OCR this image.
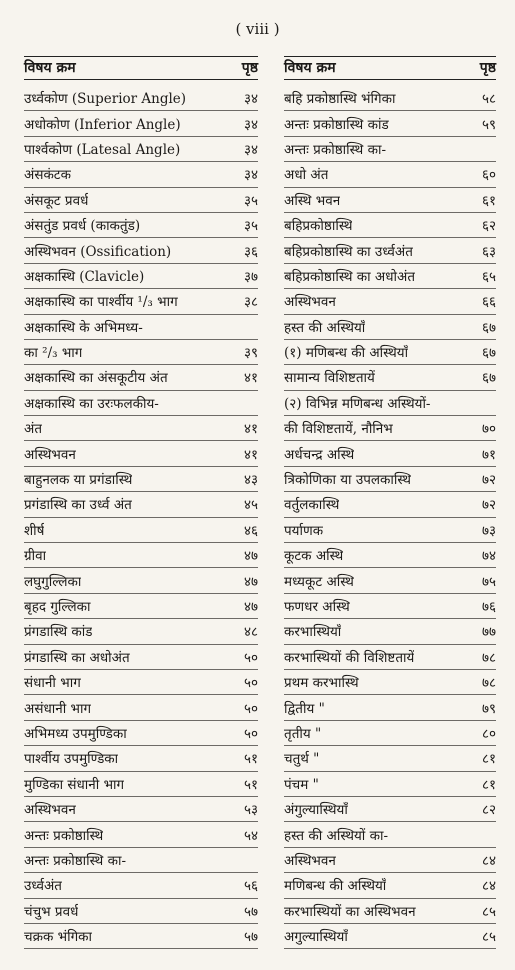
( viii )
विषय क्रम	पृष्ठ
उर्ध्वकोण (Superior Angle)	३४
अधोकोण (Inferior Angle)	३४
पार्श्वकोण (Latesal Angle)	३४
अंसकंटक	३४
अंसकूट प्रवर्ध	३५
अंसतुंड प्रवर्ध (काकतुंड)	३५
अस्थिभवन (Ossification)	३६
अक्षकास्थि (Clavicle)	३७
अक्षकास्थि का पार्श्वीय ¹/₃ भाग	३८
अक्षकास्थि के अभिमध्य-
का ²/₃ भाग	३९
अक्षकास्थि का अंसकूटीय अंत	४१
अक्षकास्थि का उरःफलकीय-
अंत	४१
अस्थिभवन	४१
बाहुनलक या प्रगंडास्थि	४३
प्रगंडास्थि का उर्ध्व अंत	४५
शीर्ष	४६
ग्रीवा	४७
लघुगुल्लिका	४७
बृहद गुल्लिका	४७
प्रंगडास्थि कांड	४८
प्रंगडास्थि का अधोअंत	५०
संधानी भाग	५०
असंधानी भाग	५०
अभिमध्य उपमुण्डिका	५०
पार्श्वीय उपमुण्डिका	५१
मुण्डिका संधानी भाग	५१
अस्थिभवन	५३
अन्तः प्रकोष्ठास्थि	५४
अन्तः प्रकोष्ठास्थि का-
उर्ध्वअंत	५६
चंचुभ प्रवर्ध	५७
चक्रक भंगिका	५७
विषय क्रम	पृष्ठ
बहि प्रकोष्ठास्थि भंगिका	५८
अन्तः प्रकोष्ठास्थि कांड	५९
अन्तः प्रकोष्ठास्थि का-
अधो अंत	६०
अस्थि भवन	६१
बहिप्रकोष्ठास्थि	६२
बहिप्रकोष्ठास्थि का उर्ध्वअंत	६३
बहिप्रकोष्ठास्थि का अधोअंत	६५
अस्थिभवन	६६
हस्त की अस्थियाँ	६७
(१) मणिबन्ध की अस्थियाँ	६७
सामान्य विशिष्टतायें	६७
(२) विभिन्न मणिबन्ध अस्थियों-
की विशिष्टतायें, नौनिभ	७०
अर्धचन्द्र अस्थि	७१
त्रिकोणिका या उपलकास्थि	७२
वर्तुलकास्थि	७२
पर्याणक	७३
कूटक अस्थि	७४
मध्यकूट अस्थि	७५
फणधर अस्थि	७६
करभास्थियाँ	७७
करभास्थियों की विशिष्टतायें	७८
प्रथम करभास्थि	७८
द्वितीय "	७९
तृतीय "	८०
चतुर्थ "	८१
पंचम "	८१
अंगुल्यास्थियाँ	८२
हस्त की अस्थियों का-
अस्थिभवन	८४
मणिबन्ध की अस्थियाँ	८४
करभास्थियों का अस्थिभवन	८५
अगुल्यास्थियाँ	८५
